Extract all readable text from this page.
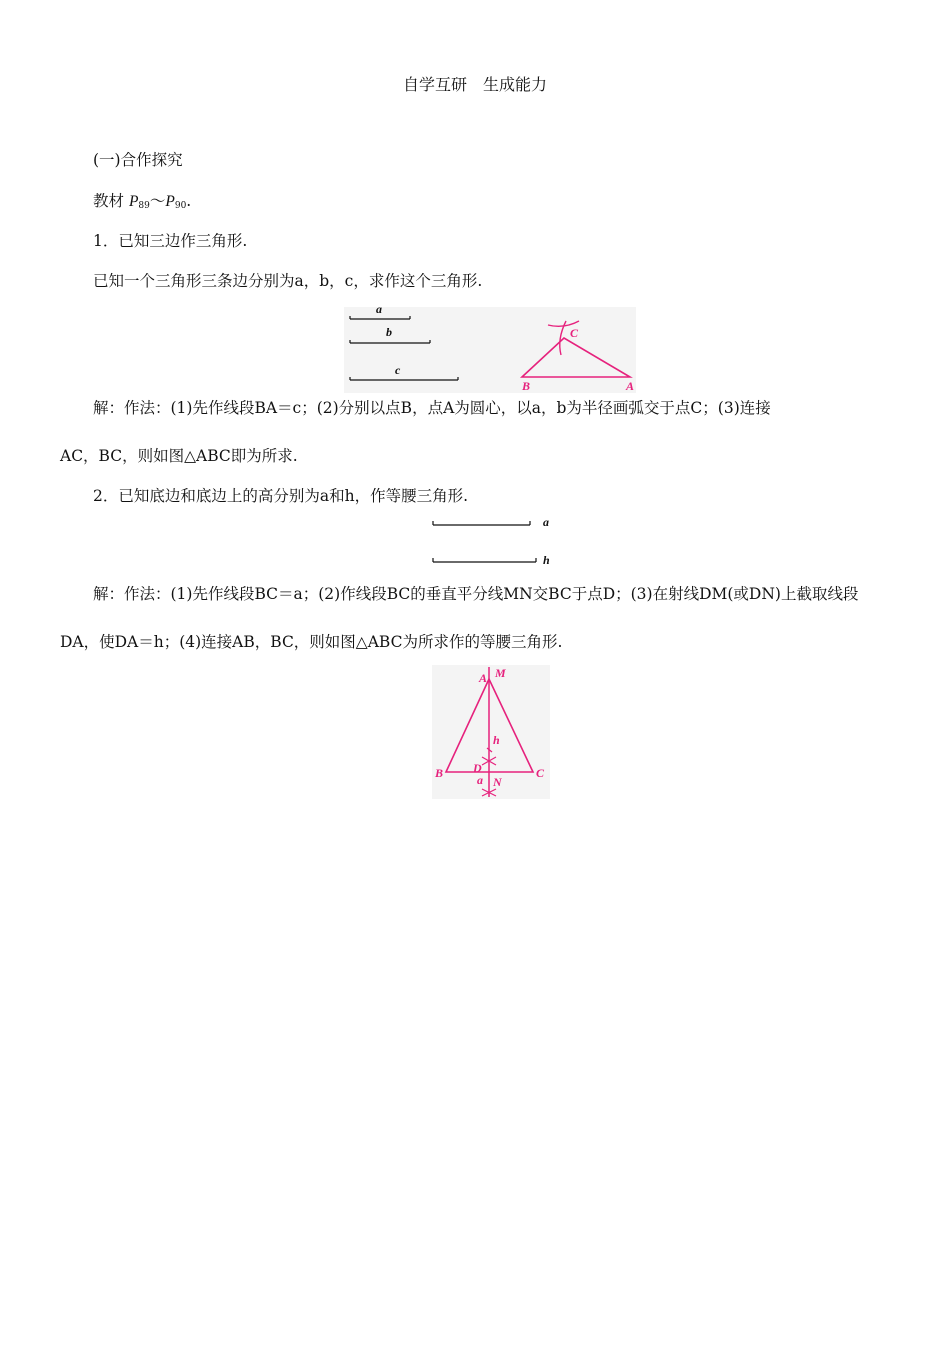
自学互研　生成能力
(一)合作探究
教材 $P_{89}\sim P_{90}$.
1．已知三边作三角形.
已知一个三角形三条边分别为a，b，c，求作这个三角形.
a
b
c
B	A
C
解：作法：(1)先作线段BA＝c；(2)分别以点B，点A为圆心，以a，b为半径画弧交于点C；(3)连接
AC，BC，则如图△ABC即为所求.
2．已知底边和底边上的高分别为a和h，作等腰三角形.
a
h
解：作法：(1)先作线段BC＝a；(2)作线段BC的垂直平分线MN交BC于点D；(3)在射线DM(或DN)上截取线段
DA，使DA＝h；(4)连接AB，BC，则如图△ABC为所求作的等腰三角形.
A M
h
D
a N
B	C
